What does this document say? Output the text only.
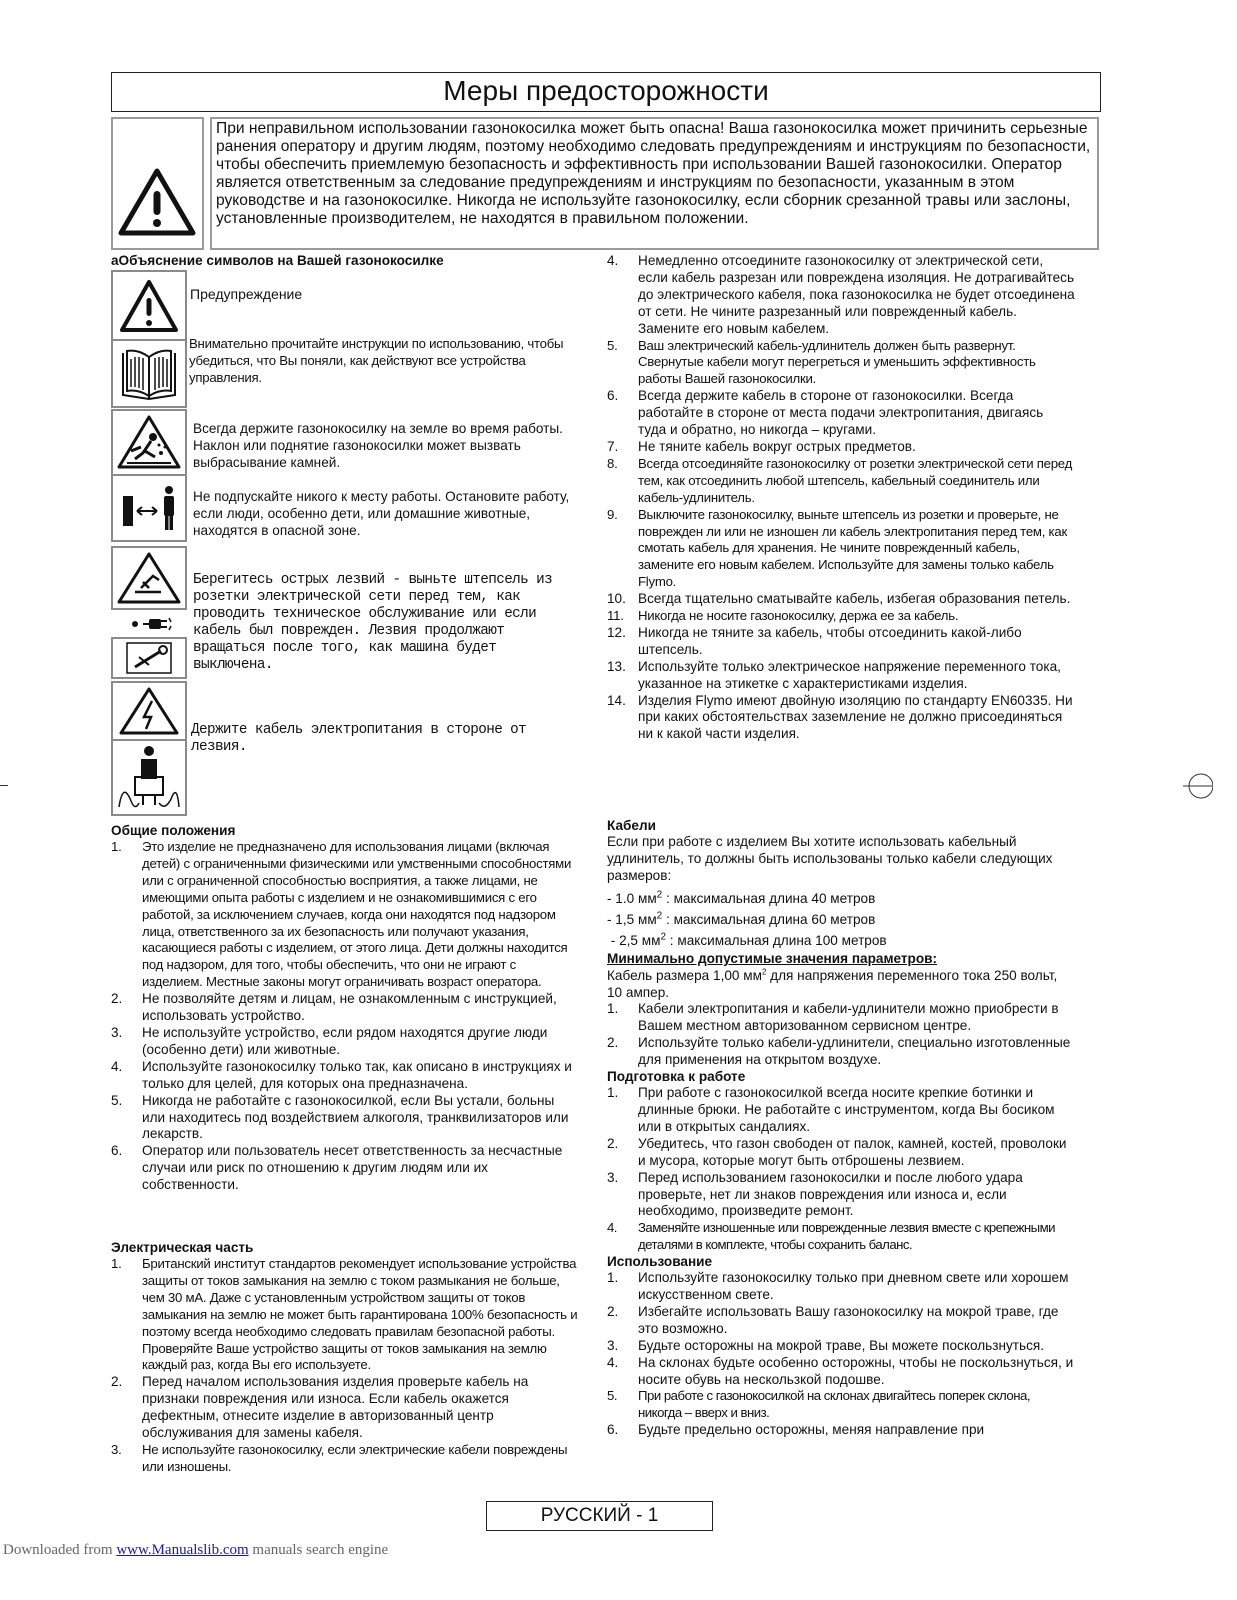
Меры предосторожности
При неправильном использовании газонокосилка может быть опасна! Ваша газонокосилка может причинить серьезные ранения оператору и другим людям, поэтому необходимо следовать предупреждениям и инструкциям по безопасности, чтобы обеспечить приемлемую безопасность и эффективность при использовании Вашей газонокосилки. Оператор является ответственным за следование предупреждениям и инструкциям по безопасности, указанным в этом руководстве и на газонокосилке. Никогда не используйте газонокосилку, если сборник срезанной травы или заслоны, установленные производителем, не находятся в правильном положении.
аОбъяснение символов на Вашей газонокосилке
Предупреждение
Внимательно прочитайте инструкции по использованию, чтобы убедиться, что Вы поняли, как действуют все устройства управления.
Всегда держите газонокосилку на земле во время работы. Наклон или поднятие газонокосилки может вызвать выбрасывание камней.
Не подпускайте никого к месту работы. Остановите работу, если люди, особенно дети, или домашние животные, находятся в опасной зоне.
Берегитесь острых лезвий - выньте штепсель из розетки электрической сети перед тем, как проводить техническое обслуживание или если кабель был поврежден. Лезвия продолжают вращаться после того, как машина будет выключена.
Держите кабель электропитания в стороне от лезвия.
Общие положения
1. Это изделие не предназначено для использования лицами (включая детей) с ограниченными физическими или умственными способностями или с ограниченной способностью восприятия, а также лицами, не имеющими опыта работы с изделием и не ознакомившимися с его работой, за исключением случаев, когда они находятся под надзором лица, ответственного за их безопасность или получают указания, касающиеся работы с изделием, от этого лица. Дети должны находится под надзором, для того, чтобы обеспечить, что они не играют с изделием. Местные законы могут ограничивать возраст оператора.
2. Не позволяйте детям и лицам, не ознакомленным с инструкцией, использовать устройство.
3. Не используйте устройство, если рядом находятся другие люди (особенно дети) или животные.
4. Используйте газонокосилку только так, как описано в инструкциях и только для целей, для которых она предназначена.
5. Никогда не работайте с газонокосилкой, если Вы устали, больны или находитесь под воздействием алкоголя, транквилизаторов или лекарств.
6. Оператор или пользователь несет ответственность за несчастные случаи или риск по отношению к другим людям или их собственности.
Электрическая часть
1. Британский институт стандартов рекомендует использование устройства защиты от токов замыкания на землю с током размыкания не больше, чем 30 мА. Даже с установленным устройством защиты от токов замыкания на землю не может быть гарантирована 100% безопасность и поэтому всегда необходимо следовать правилам безопасной работы. Проверяйте Ваше устройство защиты от токов замыкания на землю каждый раз, когда Вы его используете.
2. Перед началом использования изделия проверьте кабель на признаки повреждения или износа. Если кабель окажется дефектным, отнесите изделие в авторизованный центр обслуживания для замены кабеля.
3. Не используйте газонокосилку, если электрические кабели повреждены или изношены.
4. Немедленно отсоедините газонокосилку от электрической сети, если кабель разрезан или повреждена изоляция. Не дотрагивайтесь до электрического кабеля, пока газонокосилка не будет отсоединена от сети. Не чините разрезанный или поврежденный кабель. Замените его новым кабелем.
5. Ваш электрический кабель-удлинитель должен быть развернут. Свернутые кабели могут перегреться и уменьшить эффективность работы Вашей газонокосилки.
6. Всегда держите кабель в стороне от газонокосилки. Всегда работайте в стороне от места подачи электропитания, двигаясь туда и обратно, но никогда – кругами.
7. Не тяните кабель вокруг острых предметов.
8. Всегда отсоединяйте газонокосилку от розетки электрической сети перед тем, как отсоединить любой штепсель, кабельный соединитель или кабель-удлинитель.
9. Выключите газонокосилку, выньте штепсель из розетки и проверьте, не поврежден ли или не изношен ли кабель электропитания перед тем, как смотать кабель для хранения. Не чините поврежденный кабель, замените его новым кабелем. Используйте для замены только кабель Flymo.
10. Всегда тщательно сматывайте кабель, избегая образования петель.
11. Никогда не носите газонокосилку, держа ее за кабель.
12. Никогда не тяните за кабель, чтобы отсоединить какой-либо штепсель.
13. Используйте только электрическое напряжение переменного тока, указанное на этикетке с характеристиками изделия.
14. Изделия Flymo имеют двойную изоляцию по стандарту EN60335. Ни при каких обстоятельствах заземление не должно присоединяться ни к какой части изделия.
Кабели
Если при работе с изделием Вы хотите использовать кабельный удлинитель, то должны быть использованы только кабели следующих размеров:
- 1.0 $мм^2$ : максимальная длина 40 метров
- 1,5 $мм^2$ : максимальная длина 60 метров
- 2,5 $мм^2$ : максимальная длина 100 метров
Минимально допустимые значения параметров:
Кабель размера 1,00 $мм^2$ для напряжения переменного тока 250 вольт, 10 ампер.
1. Кабели электропитания и кабели-удлинители можно приобрести в Вашем местном авторизованном сервисном центре.
2. Используйте только кабели-удлинители, специально изготовленные для применения на открытом воздухе.
Подготовка к работе
1. При работе с газонокосилкой всегда носите крепкие ботинки и длинные брюки. Не работайте с инструментом, когда Вы босиком или в открытых сандалиях.
2. Убедитесь, что газон свободен от палок, камней, костей, проволоки и мусора, которые могут быть отброшены лезвием.
3. Перед использованием газонокосилки и после любого удара проверьте, нет ли знаков повреждения или износа и, если необходимо, произведите ремонт.
4. Заменяйте изношенные или поврежденные лезвия вместе с крепежными деталями в комплекте, чтобы сохранить баланс.
Использование
1. Используйте газонокосилку только при дневном свете или хорошем искусственном свете.
2. Избегайте использовать Вашу газонокосилку на мокрой траве, где это возможно.
3. Будьте осторожны на мокрой траве, Вы можете поскользнуться.
4. На склонах будьте особенно осторожны, чтобы не поскользнуться, и носите обувь на нескользкой подошве.
5. При работе с газонокосилкой на склонах двигайтесь поперек склона, никогда – вверх и вниз.
6. Будьте предельно осторожны, меняя направление при
РУССКИЙ - 1
Downloaded from www.Manualslib.com manuals search engine
